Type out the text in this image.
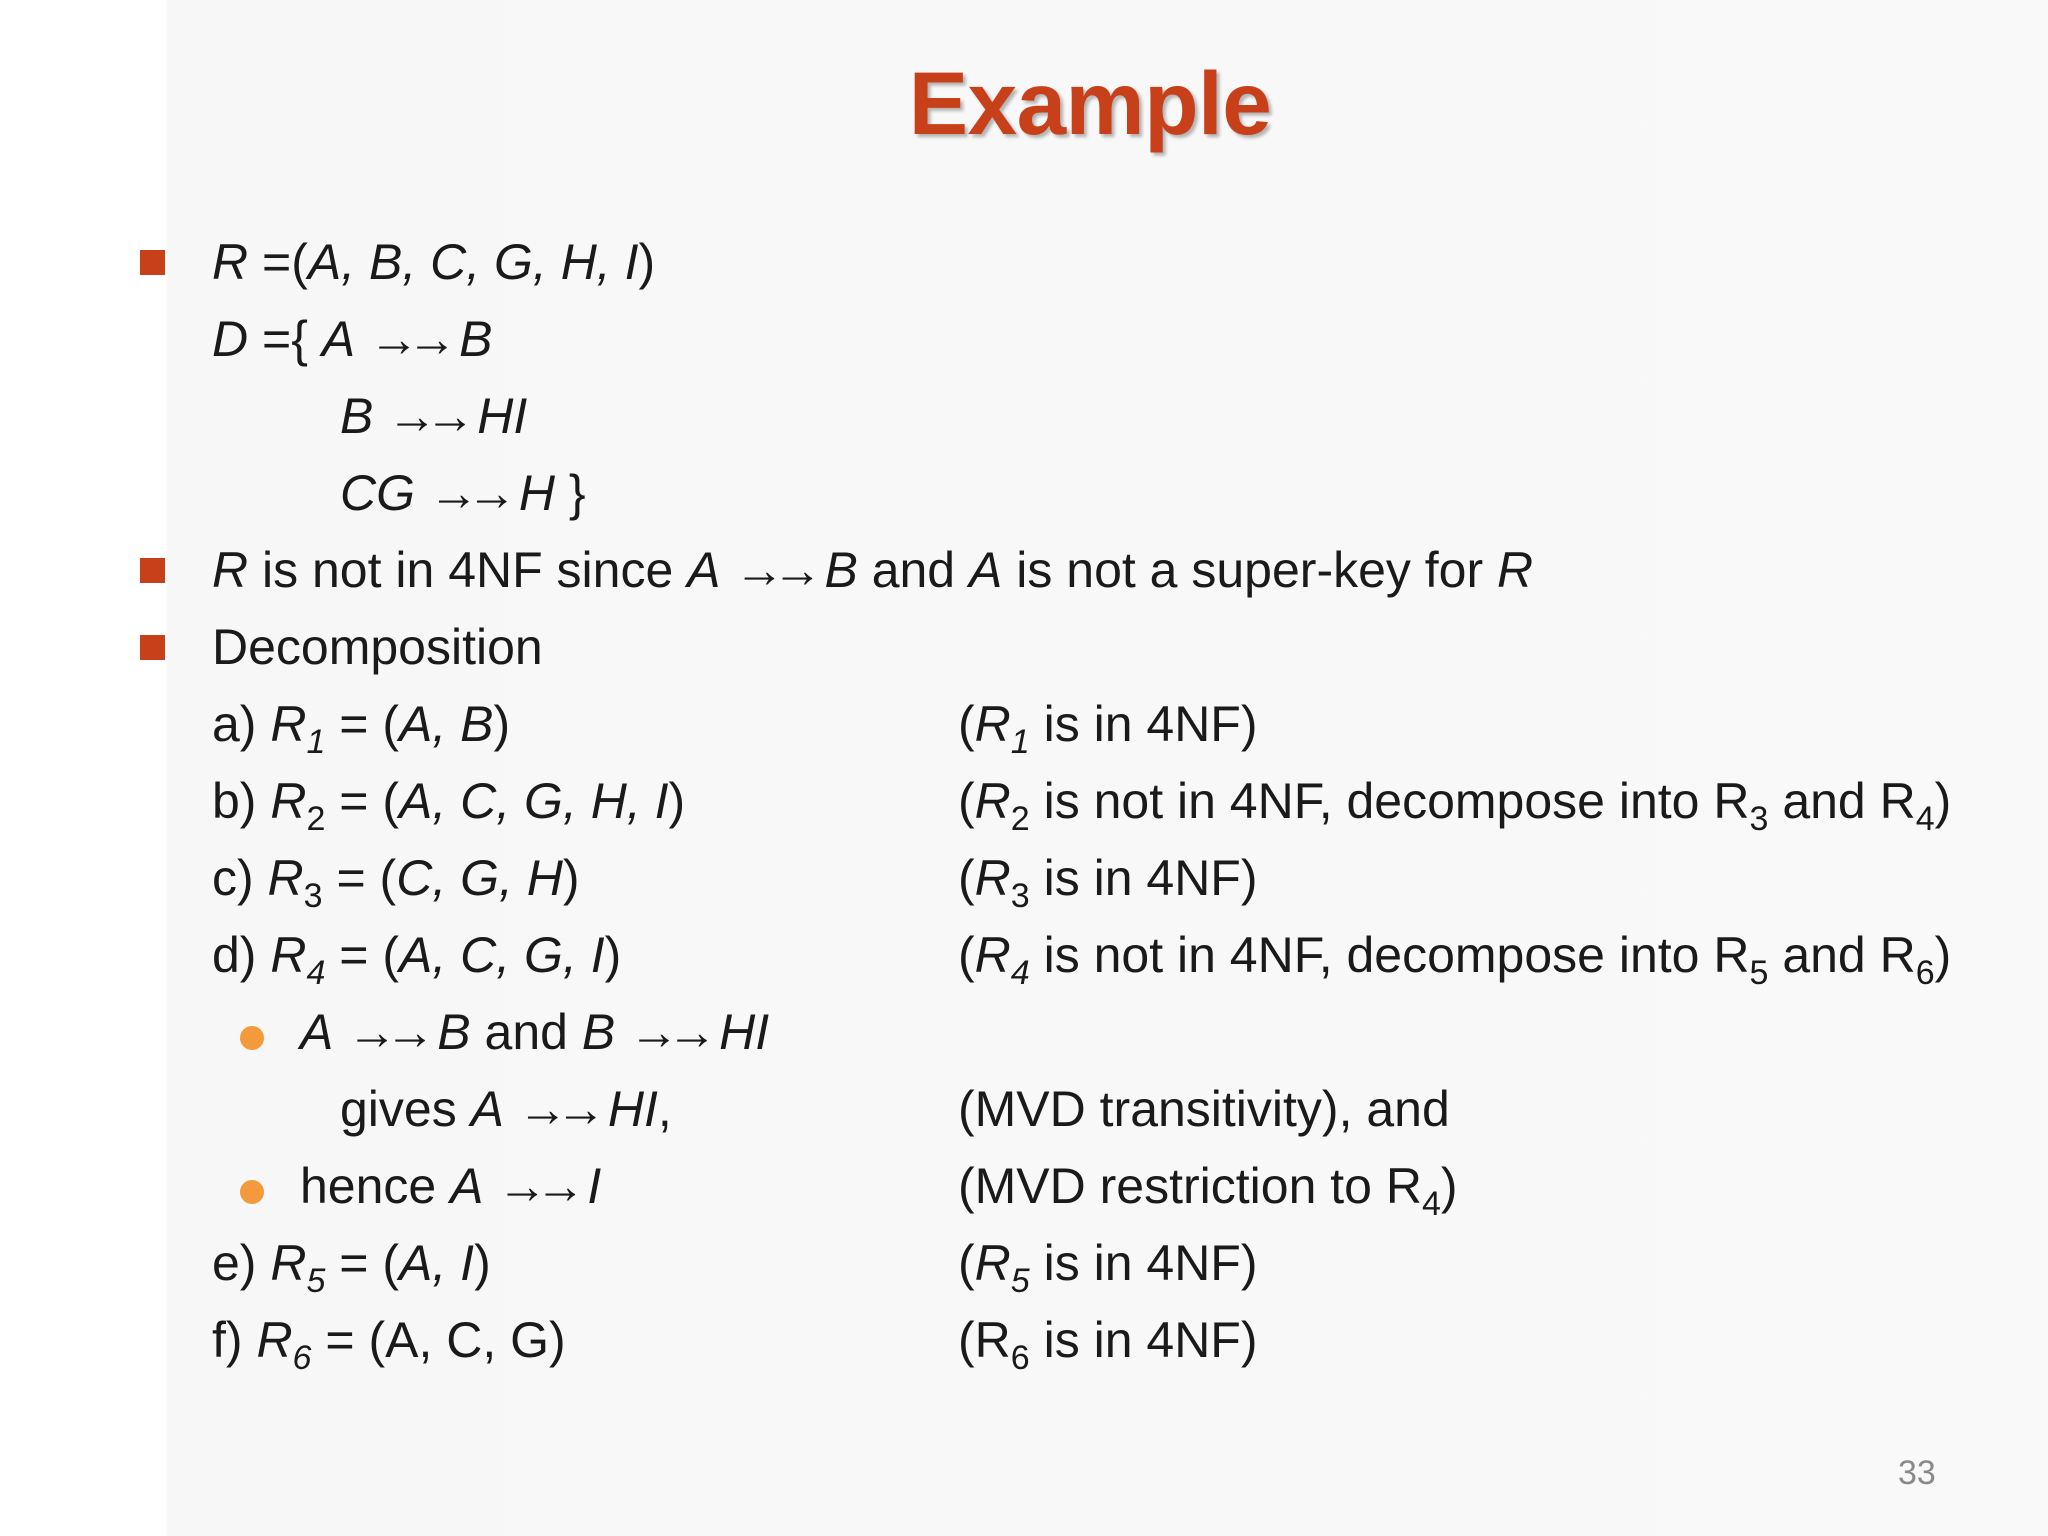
Example
R =(A, B, C, G, H, I)
D ={ A →→ B
B →→ HI
CG →→ H }
R is not in 4NF since A →→ B and A is not a super-key for R
Decomposition
a) $R_1 = (A$, B)	($R_1$ is in 4NF)
b) $R_2 = (A$, C, G, H, I)	($R_2$ is not in 4NF, decompose into $R_3$ and $R_4$)
c) $R_3 = (C$, G, H)	($R_3$ is in 4NF)
d) $R_4 = (A$, C, G, I)	($R_4$ is not in 4NF, decompose into $R_5$ and $R_6$)
A →→ B and B →→ HI
gives A →→ HI,	(MVD transitivity), and
hence A →→ I	(MVD restriction to $R_4$)
e) $R_5 = (A$, I)	($R_5$ is in 4NF)
f) $R_6 = (A$, C, G)	($R_6$ is in 4NF)
33
